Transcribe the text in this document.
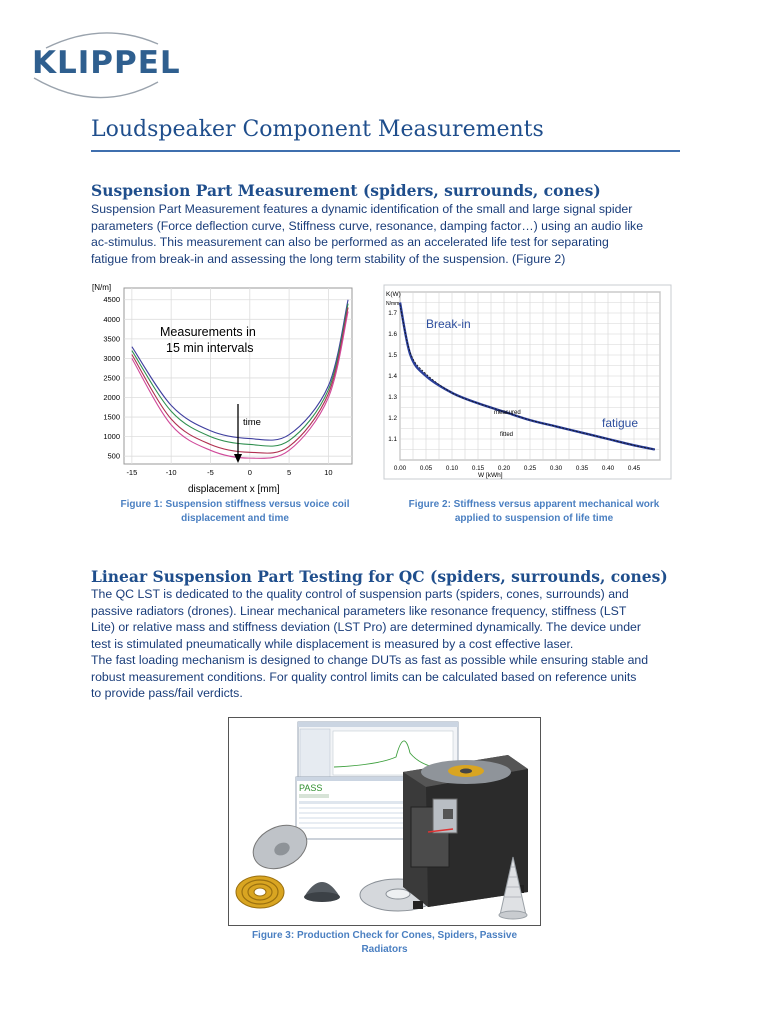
KLIPPEL
Loudspeaker Component Measurements
Suspension Part Measurement (spiders, surrounds, cones)
Suspension Part Measurement features a dynamic identification of the small and large signal spider
parameters (Force deflection curve, Stiffness curve, resonance, damping factor…) using an audio like
ac-stimulus. This measurement can also be performed as an accelerated life test for separating
fatigue from break-in and assessing the long term stability of the suspension. (Figure 2)
-15	-10	-5	0	5	10
500
1000
1500
2000
2500
3000
3500
4000
4500
[N/m]
displacement x [mm]
Measurements in
15 min intervals
time
Figure 1: Suspension stiffness versus voice coil
displacement and time
0.00 0.05 0.10 0.15 0.20 0.25 0.30 0.35 0.40 0.45
1.1
1.2
1.3
1.4
1.5
1.6
1.7
K(W)
N/mm
W [kWh]
Break-in
fatigue
measured
fitted
Figure 2: Stiffness versus apparent mechanical work
applied to suspension of life time
Linear Suspension Part Testing for QC (spiders, surrounds, cones)
The QC LST is dedicated to the quality control of suspension parts (spiders, cones, surrounds) and
passive radiators (drones). Linear mechanical parameters like resonance frequency, stiffness (LST
Lite) or relative mass and stiffness deviation (LST Pro) are determined dynamically. The device under
test is stimulated pneumatically while displacement is measured by a cost effective laser.
The fast loading mechanism is designed to change DUTs as fast as possible while ensuring stable and
robust measurement conditions. For quality control limits can be calculated based on reference units
to provide pass/fail verdicts.
PASS
Figure 3: Production Check for Cones, Spiders, Passive Radiators
